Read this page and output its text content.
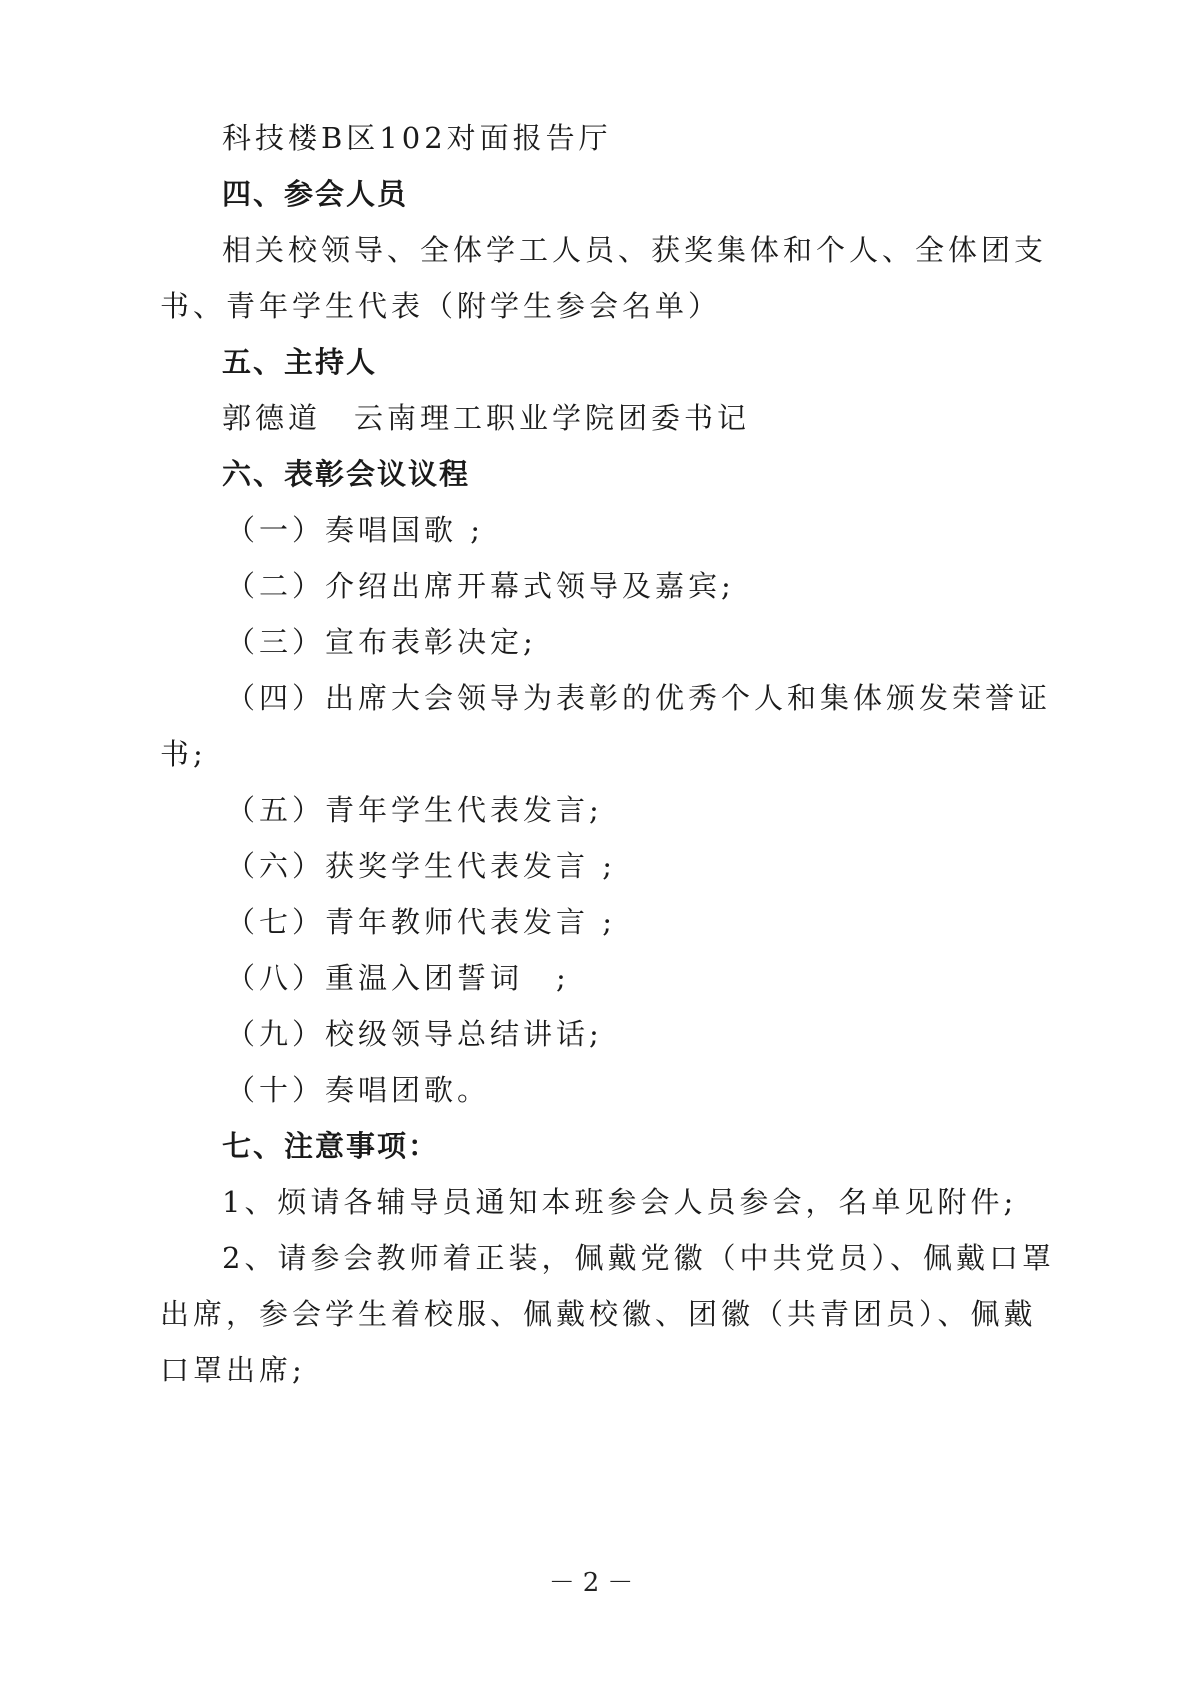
科技楼B区102对面报告厅
四、参会人员
相关校领导、全体学工人员、获奖集体和个人、全体团支
书、青年学生代表（附学生参会名单）
五、主持人
郭德道　云南理工职业学院团委书记
六、表彰会议议程
（一）奏唱国歌 ;
（二）介绍出席开幕式领导及嘉宾;
（三）宣布表彰决定;
（四）出席大会领导为表彰的优秀个人和集体颁发荣誉证
书;
（五）青年学生代表发言;
（六）获奖学生代表发言 ;
（七）青年教师代表发言 ;
（八）重温入团誓词　;
（九）校级领导总结讲话;
（十）奏唱团歌。
七、注意事项：
1、烦请各辅导员通知本班参会人员参会，名单见附件;
2、请参会教师着正装，佩戴党徽（中共党员）、佩戴口罩
出席，参会学生着校服、佩戴校徽、团徽（共青团员）、佩戴
口罩出席;
－2－
